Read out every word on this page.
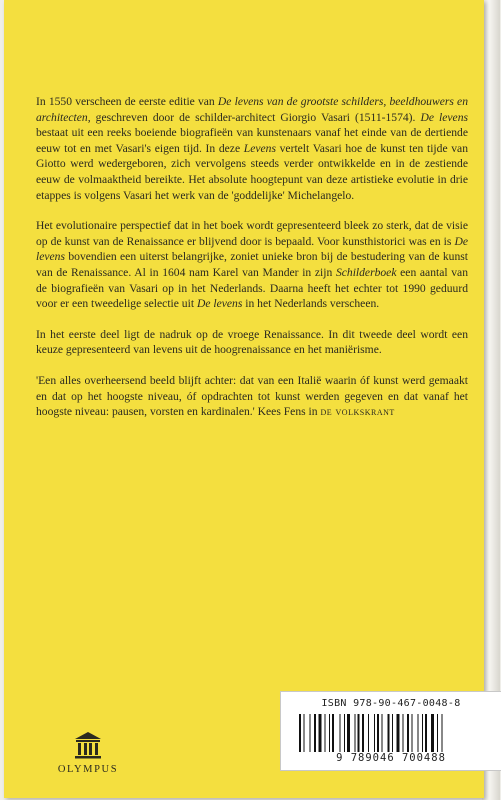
In 1550 verscheen de eerste editie van De levens van de grootste schilders, beeldhouwers en architecten, geschreven door de schilder-architect Giorgio Vasari (1511-1574). De levens bestaat uit een reeks boeiende biografieën van kunstenaars vanaf het einde van de dertiende eeuw tot en met Vasari's eigen tijd. In deze Levens vertelt Vasari hoe de kunst ten tijde van Giotto werd wedergeboren, zich vervolgens steeds verder ontwikkelde en in de zestiende eeuw de volmaaktheid bereikte. Het absolute hoogtepunt van deze artistieke evolutie in drie etappes is volgens Vasari het werk van de 'goddelijke' Michelangelo.

Het evolutionaire perspectief dat in het boek wordt gepresenteerd bleek zo sterk, dat de visie op de kunst van de Renaissance er blijvend door is bepaald. Voor kunsthistorici was en is De levens bovendien een uiterst belangrijke, zoniet unieke bron bij de bestudering van de kunst van de Renaissance. Al in 1604 nam Karel van Mander in zijn Schilderboek een aantal van de biografieën van Vasari op in het Nederlands. Daarna heeft het echter tot 1990 geduurd voor er een tweedelige selectie uit De levens in het Nederlands verscheen.

In het eerste deel ligt de nadruk op de vroege Renaissance. In dit tweede deel wordt een keuze gepresenteerd van levens uit de hoogrenaissance en het maniërisme.

'Een alles overheersend beeld blijft achter: dat van een Italië waarin óf kunst werd gemaakt en dat op het hoogste niveau, óf opdrachten tot kunst werden gegeven en dat vanaf het hoogste niveau: pausen, vorsten en kardinalen.' Kees Fens in de volkskrant

OLYMPUS
ISBN 978-90-467-0048-8
9 789046 700488
